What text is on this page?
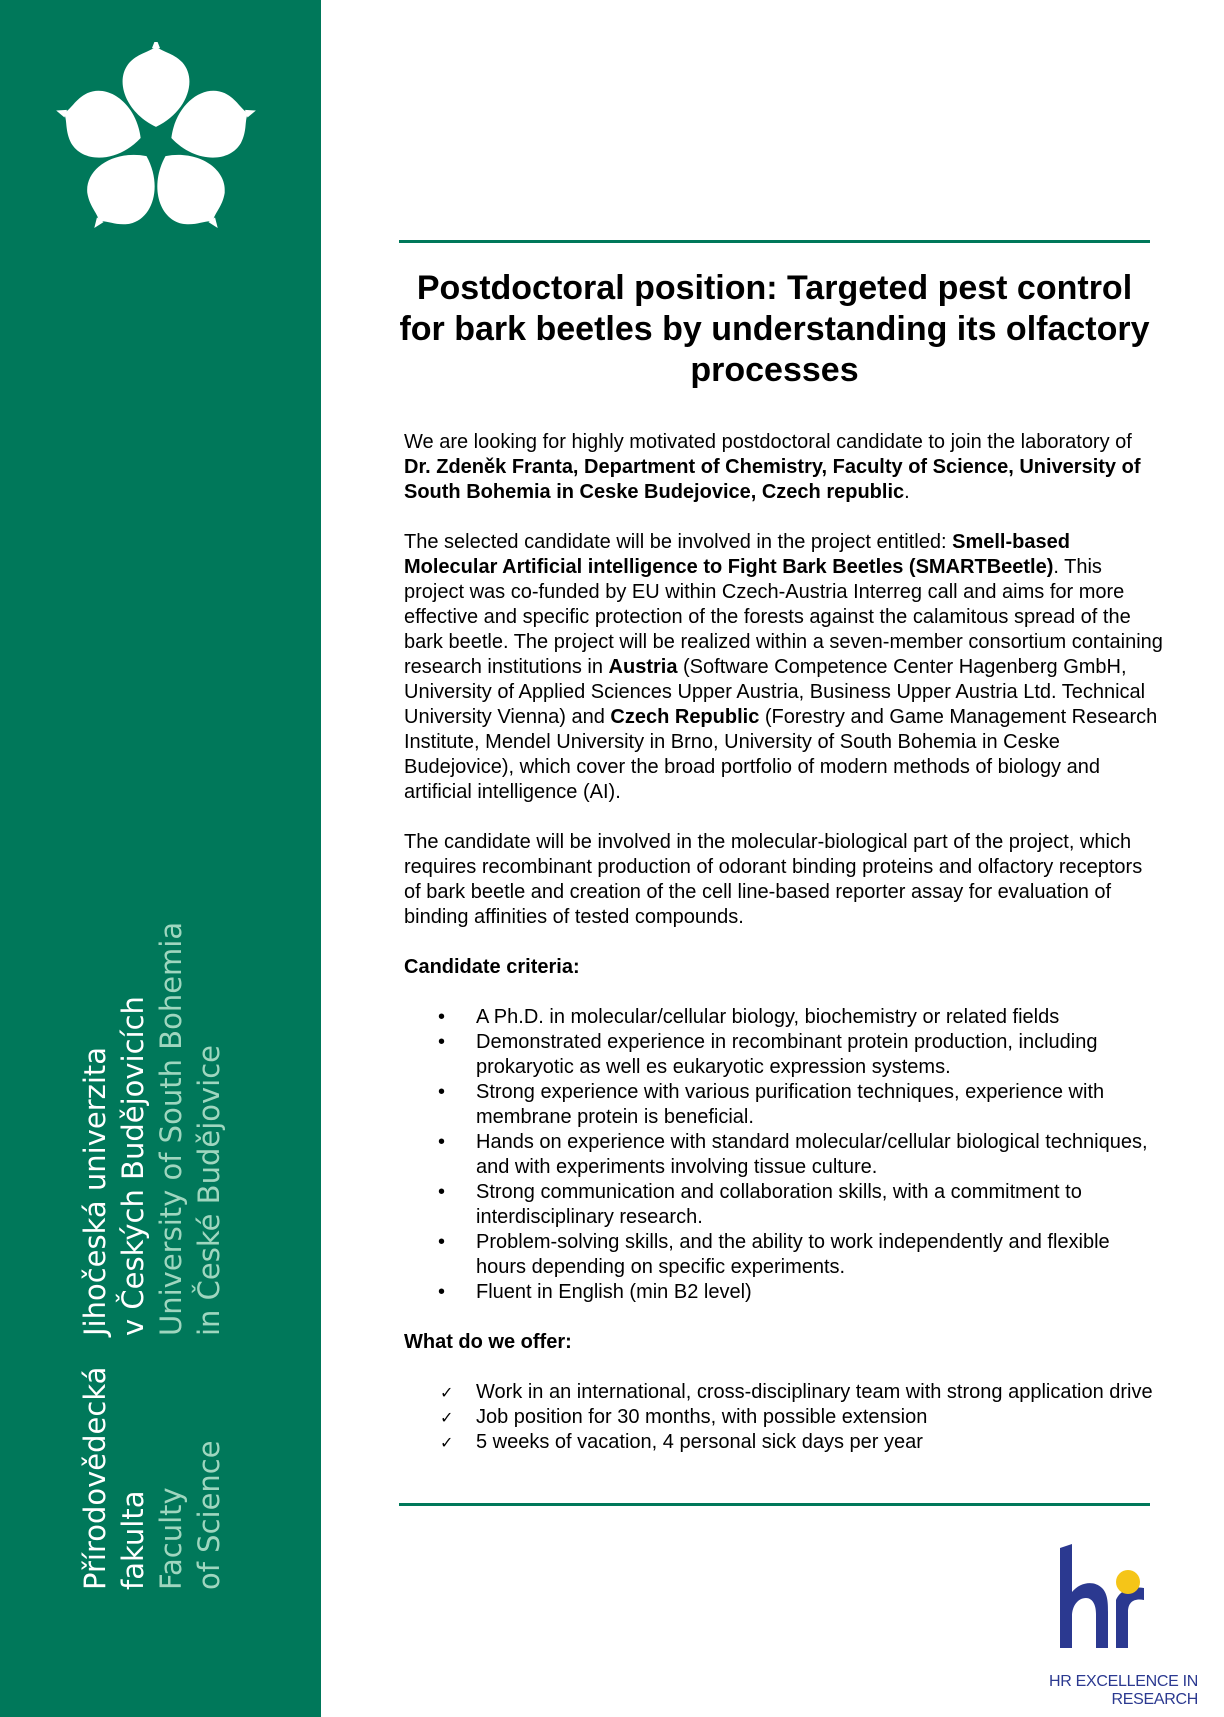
Přírodovědecká fakulta Faculty of Science
Jihočeská univerzita v Českých Budějovicích University of South Bohemia in České Budějovice
Postdoctoral position: Targeted pest control for bark beetles by understanding its olfactory processes

We are looking for highly motivated postdoctoral candidate to join the laboratory of Dr. Zdeněk Franta, Department of Chemistry, Faculty of Science, University of South Bohemia in Ceske Budejovice, Czech republic.

The selected candidate will be involved in the project entitled: Smell-based Molecular Artificial intelligence to Fight Bark Beetles (SMARTBeetle). This project was co-funded by EU within Czech-Austria Interreg call and aims for more effective and specific protection of the forests against the calamitous spread of the bark beetle. The project will be realized within a seven-member consortium containing research institutions in Austria (Software Competence Center Hagenberg GmbH, University of Applied Sciences Upper Austria, Business Upper Austria Ltd. Technical University Vienna) and Czech Republic (Forestry and Game Management Research Institute, Mendel University in Brno, University of South Bohemia in Ceske Budejovice), which cover the broad portfolio of modern methods of biology and artificial intelligence (AI).

The candidate will be involved in the molecular-biological part of the project, which requires recombinant production of odorant binding proteins and olfactory receptors of bark beetle and creation of the cell line-based reporter assay for evaluation of binding affinities of tested compounds.

Candidate criteria:

• A Ph.D. in molecular/cellular biology, biochemistry or related fields
• Demonstrated experience in recombinant protein production, including prokaryotic as well es eukaryotic expression systems.
• Strong experience with various purification techniques, experience with membrane protein is beneficial.
• Hands on experience with standard molecular/cellular biological techniques, and with experiments involving tissue culture.
• Strong communication and collaboration skills, with a commitment to interdisciplinary research.
• Problem-solving skills, and the ability to work independently and flexible hours depending on specific experiments.
• Fluent in English (min B2 level)

What do we offer:

✓ Work in an international, cross-disciplinary team with strong application drive
✓ Job position for 30 months, with possible extension
✓ 5 weeks of vacation, 4 personal sick days per year
HR EXCELLENCE IN RESEARCH
